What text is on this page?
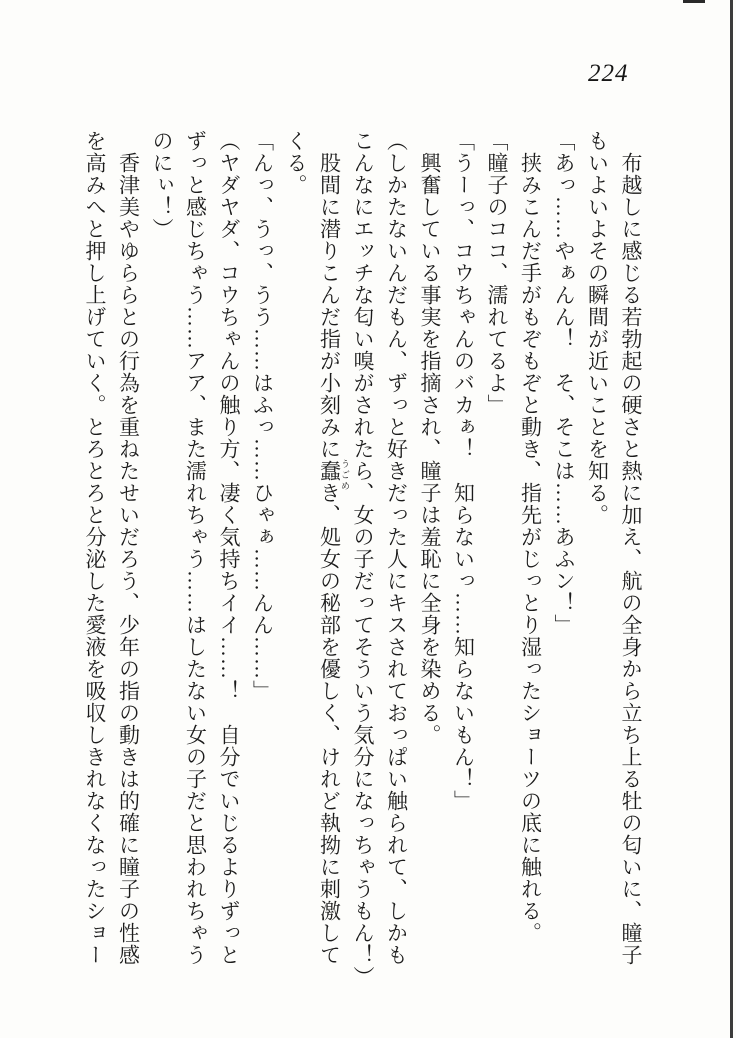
224

　布越しに感じる若勃起の硬さと熱に加え、航の全身から立ち上る牡の匂いに、瞳子

もいよいよその瞬間が近いことを知る。

「あっ……やぁんん！　そ、そこは……あふン！」

　挟みこんだ手がもぞもぞと動き、指先がじっとり湿ったショーツの底に触れる。

「瞳子のココ、濡れてるよ」

「うーっ、コウちゃんのバカぁ！　知らないっ……知らないもん！」

　興奮している事実を指摘され、瞳子は羞恥に全身を染める。

（しかたないんだもん、ずっと好きだった人にキスされておっぱい触られて、しかも

こんなにエッチな匂い嗅がされたら、女の子だってそういう気分になっちゃうもん！）

　股間に潜りこんだ指が小刻みに蠢き、処女の秘部を優しく、けれど執拗に刺激して

くる。

「んっ、うっ、うう……はふっ……ひゃぁ……んん……」

（ヤダヤダ、コウちゃんの触り方、凄く気持ちイイ……！　自分でいじるよりずっと

ずっと感じちゃう……アア、また濡れちゃう……はしたない女の子だと思われちゃう

のにぃ！）

　香津美やゆららとの行為を重ねたせいだろう、少年の指の動きは的確に瞳子の性感

を高みへと押し上げていく。とろとろと分泌した愛液を吸収しきれなくなったショー	うごめ
